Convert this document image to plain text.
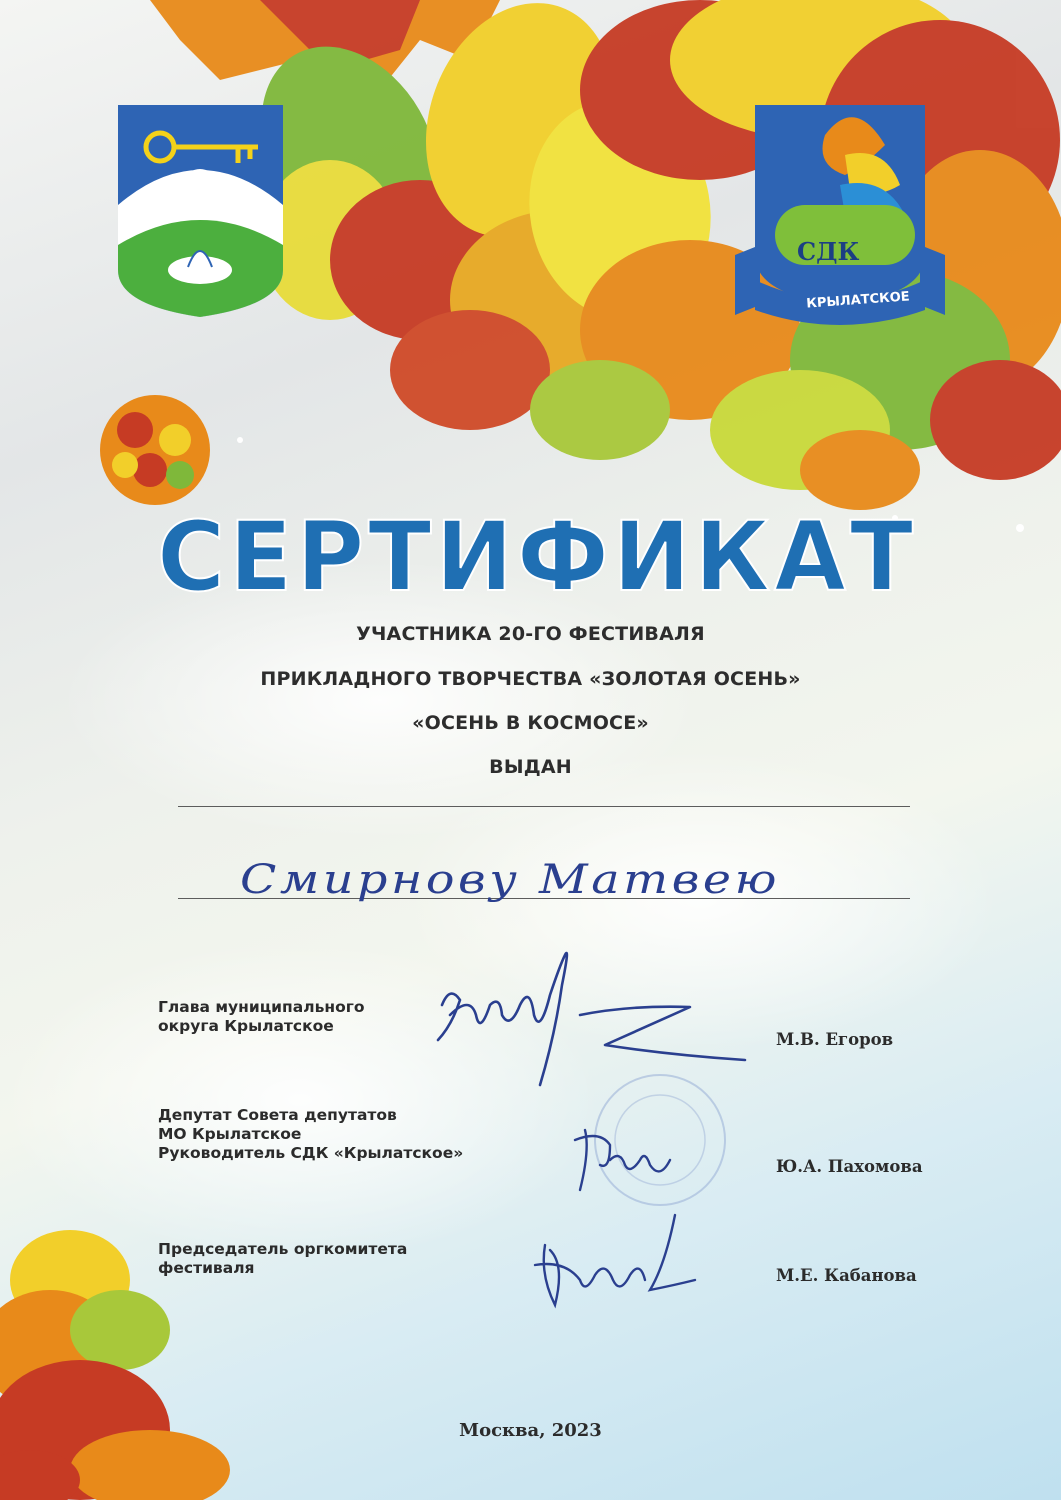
СДК
КРЫЛАТСКОЕ
СЕРТИФИКАТ
УЧАСТНИКА 20-ГО ФЕСТИВАЛЯ
ПРИКЛАДНОГО ТВОРЧЕСТВА «ЗОЛОТАЯ ОСЕНЬ»
«ОСЕНЬ В КОСМОСЕ»
ВЫДАН
Смирнову Матвею
Глава муниципального
округа Крылатское
М.В. Егоров
Депутат Совета депутатов
МО Крылатское
Руководитель СДК «Крылатское»
Ю.А. Пахомова
Председатель оргкомитета
фестиваля	М.Е. Кабанова
Москва, 2023
